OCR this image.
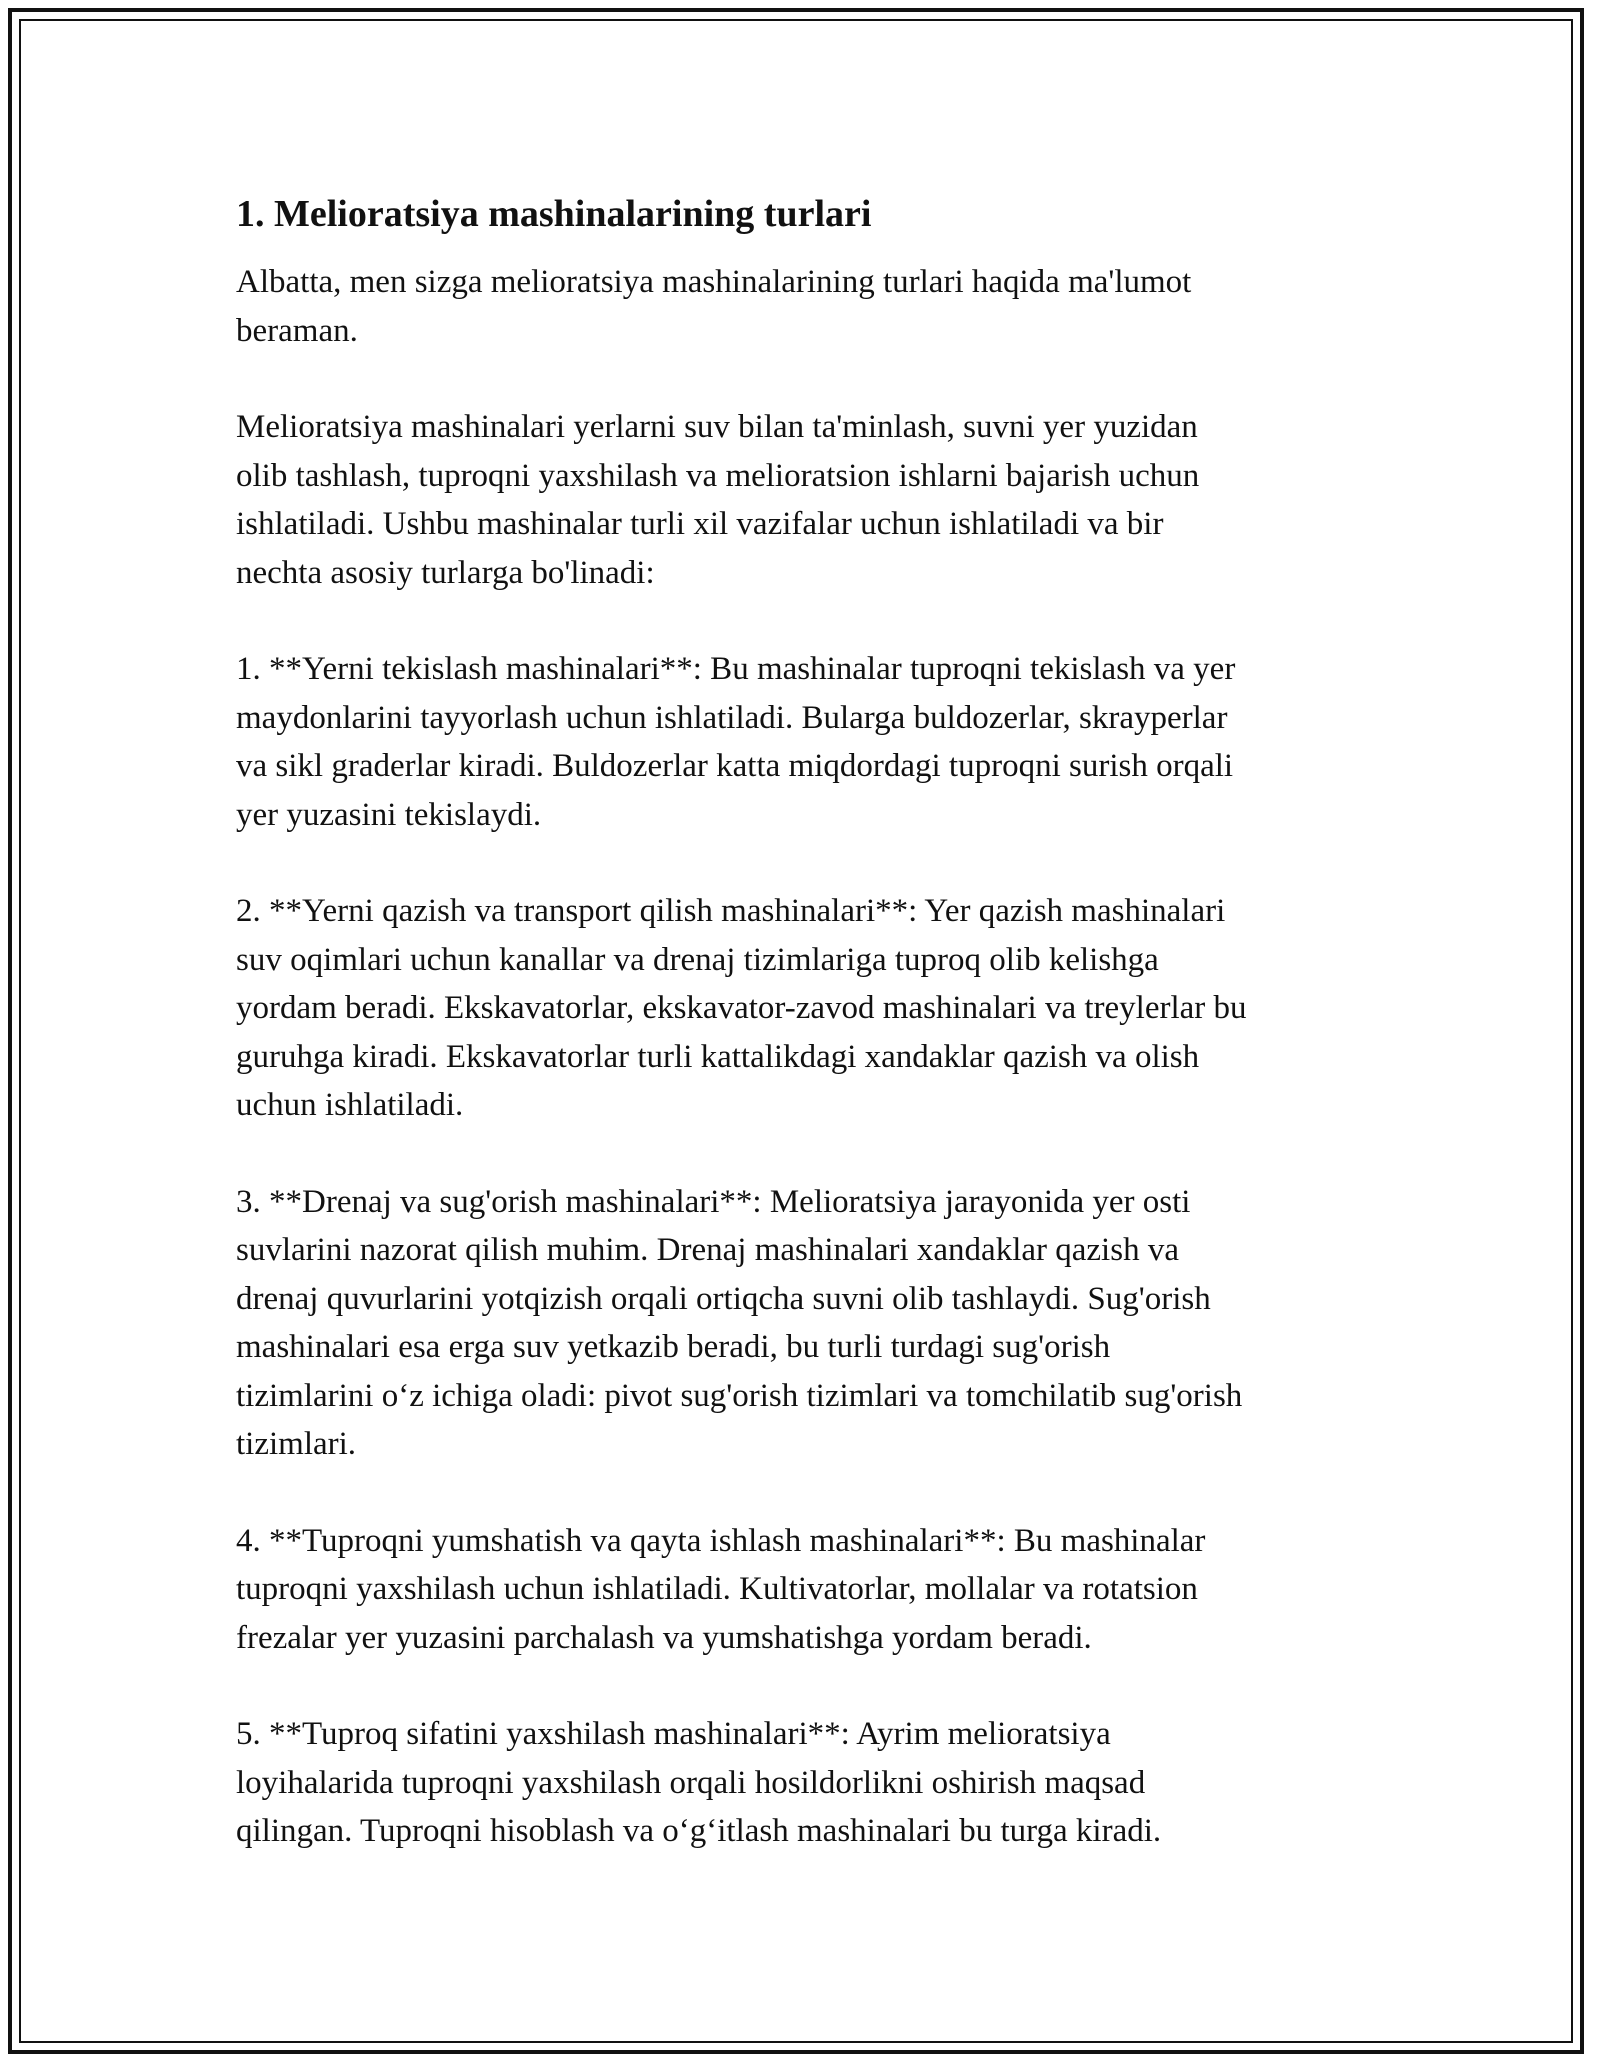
1. Melioratsiya mashinalarining turlari

Albatta, men sizga melioratsiya mashinalarining turlari haqida ma'lumot
beraman.

Melioratsiya mashinalari yerlarni suv bilan ta'minlash, suvni yer yuzidan
olib tashlash, tuproqni yaxshilash va melioratsion ishlarni bajarish uchun
ishlatiladi. Ushbu mashinalar turli xil vazifalar uchun ishlatiladi va bir
nechta asosiy turlarga bo'linadi:

1. **Yerni tekislash mashinalari**: Bu mashinalar tuproqni tekislash va yer
maydonlarini tayyorlash uchun ishlatiladi. Bularga buldozerlar, skrayperlar
va sikl graderlar kiradi. Buldozerlar katta miqdordagi tuproqni surish orqali
yer yuzasini tekislaydi.

2. **Yerni qazish va transport qilish mashinalari**: Yer qazish mashinalari
suv oqimlari uchun kanallar va drenaj tizimlariga tuproq olib kelishga
yordam beradi. Ekskavatorlar, ekskavator-zavod mashinalari va treylerlar bu
guruhga kiradi. Ekskavatorlar turli kattalikdagi xandaklar qazish va olish
uchun ishlatiladi.

3. **Drenaj va sug'orish mashinalari**: Melioratsiya jarayonida yer osti
suvlarini nazorat qilish muhim. Drenaj mashinalari xandaklar qazish va
drenaj quvurlarini yotqizish orqali ortiqcha suvni olib tashlaydi. Sug'orish
mashinalari esa erga suv yetkazib beradi, bu turli turdagi sug'orish
tizimlarini o‘z ichiga oladi: pivot sug'orish tizimlari va tomchilatib sug'orish
tizimlari.

4. **Tuproqni yumshatish va qayta ishlash mashinalari**: Bu mashinalar
tuproqni yaxshilash uchun ishlatiladi. Kultivatorlar, mollalar va rotatsion
frezalar yer yuzasini parchalash va yumshatishga yordam beradi.

5. **Tuproq sifatini yaxshilash mashinalari**: Ayrim melioratsiya
loyihalarida tuproqni yaxshilash orqali hosildorlikni oshirish maqsad
qilingan. Tuproqni hisoblash va o‘g‘itlash mashinalari bu turga kiradi.
